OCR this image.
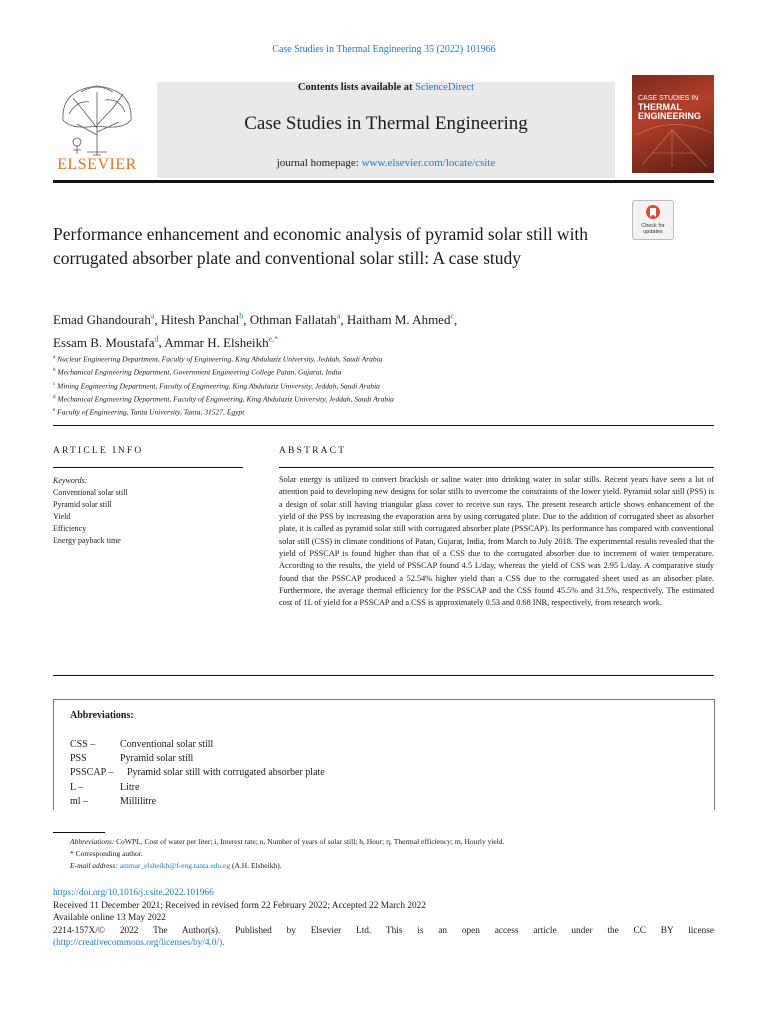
Case Studies in Thermal Engineering 35 (2022) 101966
Contents lists available at ScienceDirect
Case Studies in Thermal Engineering
journal homepage: www.elsevier.com/locate/csite
ELSEVIER
CASE STUDIES IN
THERMAL ENGINEERING
Performance enhancement and economic analysis of pyramid solar still with corrugated absorber plate and conventional solar still: A case study
Check for
updates
Emad Ghandourah$^a$, Hitesh Panchal$^b$, Othman Fallatah$^a$, Haitham M. Ahmed$^c$,
Essam B. Moustafa$^d$, Ammar H. Elsheikh$^{e,*}$
$^a$ Nuclear Engineering Department, Faculty of Engineering, King Abdulaziz University, Jeddah, Saudi Arabia
$^b$ Mechanical Engineering Department, Government Engineering College Patan, Gujarat, India
$^c$ Mining Engineering Department, Faculty of Engineering, King Abdulaziz University, Jeddah, Saudi Arabia
$^d$ Mechanical Engineering Department, Faculty of Engineering, King Abdulaziz University, Jeddah, Saudi Arabia
$^e$ Faculty of Engineering, Tanta University, Tanta, 31527, Egypt
ARTICLE INFO
Keywords:
Conventional solar still
Pyramid solar still
Yield
Efficiency
Energy payback time
ABSTRACT
Solar energy is utilized to convert brackish or saline water into drinking water in solar stills. Recent years have seen a lot of attention paid to developing new designs for solar stills to overcome the constraints of the lower yield. Pyramid solar still (PSS) is a design of solar still having triangular glass cover to receive sun rays. The present research article shows enhancement of the yield of the PSS by increasing the evaporation area by using corrugated plate. Due to the addition of corrugated sheet as absorber plate, it is called as pyramid solar still with corrugated absorber plate (PSSCAP). Its performance has compared with conventional solar still (CSS) in climate conditions of Patan, Gujarat, India, from March to July 2018. The experimental results revealed that the yield of PSSCAP is found higher than that of a CSS due to the corrugated absorber due to increment of water temperature. According to the results, the yield of PSSCAP found 4.5 L/day, whereas the yield of CSS was 2.95 L/day. A comparative study found that the PSSCAP produced a 52.54% higher yield than a CSS due to the corrugated sheet used as an absorber plate. Furthermore, the average thermal efficiency for the PSSCAP and the CSS found 45.5% and 31.5%, respectively. The estimated cost of 1L of yield for a PSSCAP and a CSS is approximately 0.53 and 0.68 INR, respectively, from research work.
Abbreviations:
CSS – Conventional solar still
PSS	Pyramid solar still
PSSCAP – Pyramid solar still with corrugated absorber plate
L –	Litre
ml –	Millilitre
Abbreviations: CoWPL, Cost of water per liter; i, Interest rate; n, Number of years of solar still; h, Hour; η, Thermal efficiency; m, Hourly yield.
* Corresponding author.
E-mail address: ammar_elsheikh@f-eng.tanta.edu.eg (A.H. Elsheikh).
https://doi.org/10.1016/j.csite.2022.101966
Received 11 December 2021; Received in revised form 22 February 2022; Accepted 22 March 2022
Available online 13 May 2022
2214-157X/© 2022 The Author(s). Published by Elsevier Ltd. This is an open access article under the CC BY license
(http://creativecommons.org/licenses/by/4.0/).
